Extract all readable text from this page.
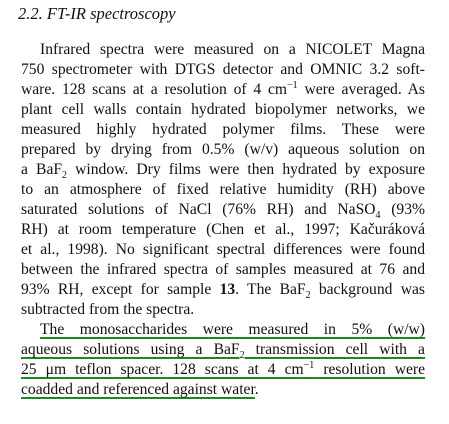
2.2. FT-IR spectroscopy
Infrared spectra were measured on a NICOLET Magna
750 spectrometer with DTGS detector and OMNIC 3.2 soft-
ware. 128 scans at a resolution of 4 $cm^{-1}$ were averaged. As
plant cell walls contain hydrated biopolymer networks, we
measured highly hydrated polymer films. These were
prepared by drying from 0.5% (w/v) aqueous solution on
a BaF$_2$ window. Dry films were then hydrated by exposure
to an atmosphere of fixed relative humidity (RH) above
saturated solutions of NaCl (76% RH) and NaSO$_4$ (93%
RH) at room temperature (Chen et al., 1997; Kačuráková
et al., 1998). No significant spectral differences were found
between the infrared spectra of samples measured at 76 and
93% RH, except for sample 13. The BaF$_2$ background was
subtracted from the spectra.
The monosaccharides were measured in 5% (w/w)
aqueous solutions using a BaF$_2$ transmission cell with a
25 μm teflon spacer. 128 scans at 4 $cm^{-1}$ resolution were
coadded and referenced against water.
